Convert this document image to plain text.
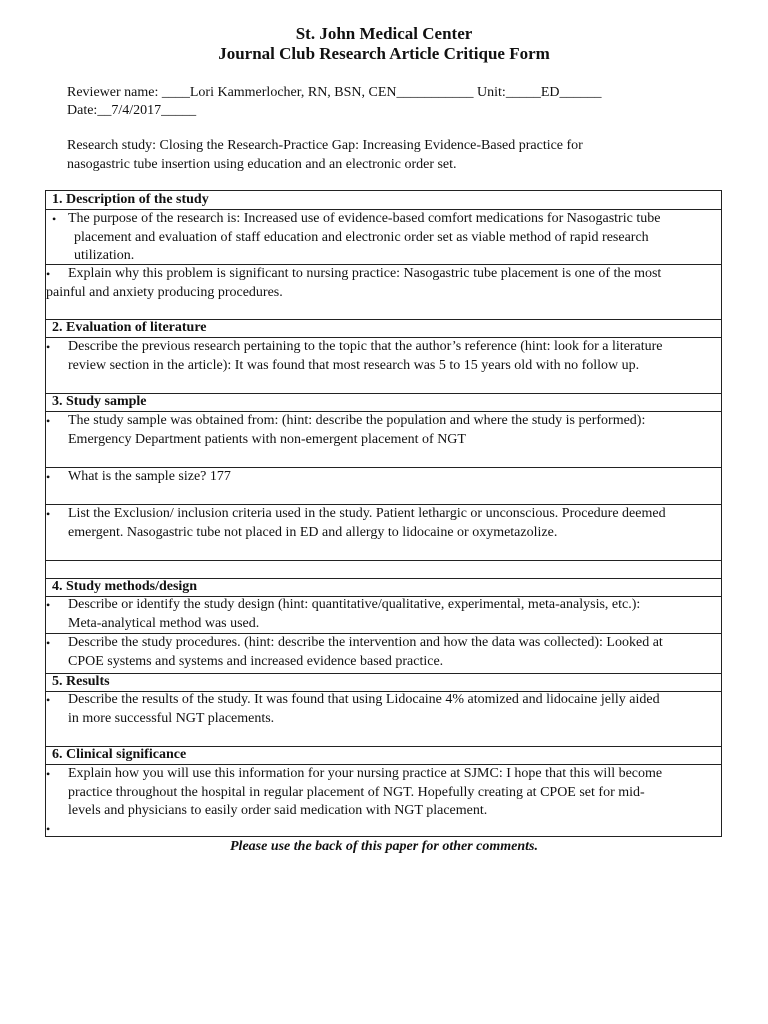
St. John Medical Center
Journal Club Research Article Critique Form
Reviewer name: ____Lori Kammerlocher, RN, BSN, CEN___________ Unit:_____ED______
Date:__7/4/2017_____
Research study: Closing the Research-Practice Gap: Increasing Evidence-Based practice for
nasogastric tube insertion using education and an electronic order set.
1. Description of the study
• The purpose of the research is: Increased use of evidence-based comfort medications for Nasogastric tube
placement and evaluation of staff education and electronic order set as viable method of rapid research
utilization.
• Explain why this problem is significant to nursing practice: Nasogastric tube placement is one of the most
painful and anxiety producing procedures.
2. Evaluation of literature
• Describe the previous research pertaining to the topic that the author’s reference (hint: look for a literature
review section in the article): It was found that most research was 5 to 15 years old with no follow up.
3. Study sample
• The study sample was obtained from: (hint: describe the population and where the study is performed):
Emergency Department patients with non-emergent placement of NGT
• What is the sample size? 177
• List the Exclusion/ inclusion criteria used in the study. Patient lethargic or unconscious. Procedure deemed
emergent. Nasogastric tube not placed in ED and allergy to lidocaine or oxymetazolize.
4. Study methods/design
• Describe or identify the study design (hint: quantitative/qualitative, experimental, meta-analysis, etc.):
Meta-analytical method was used.
• Describe the study procedures. (hint: describe the intervention and how the data was collected): Looked at
CPOE systems and systems and increased evidence based practice.
5. Results
• Describe the results of the study. It was found that using Lidocaine 4% atomized and lidocaine jelly aided
in more successful NGT placements.
6. Clinical significance
• Explain how you will use this information for your nursing practice at SJMC: I hope that this will become
practice throughout the hospital in regular placement of NGT. Hopefully creating at CPOE set for mid-
levels and physicians to easily order said medication with NGT placement.
•
Please use the back of this paper for other comments.
